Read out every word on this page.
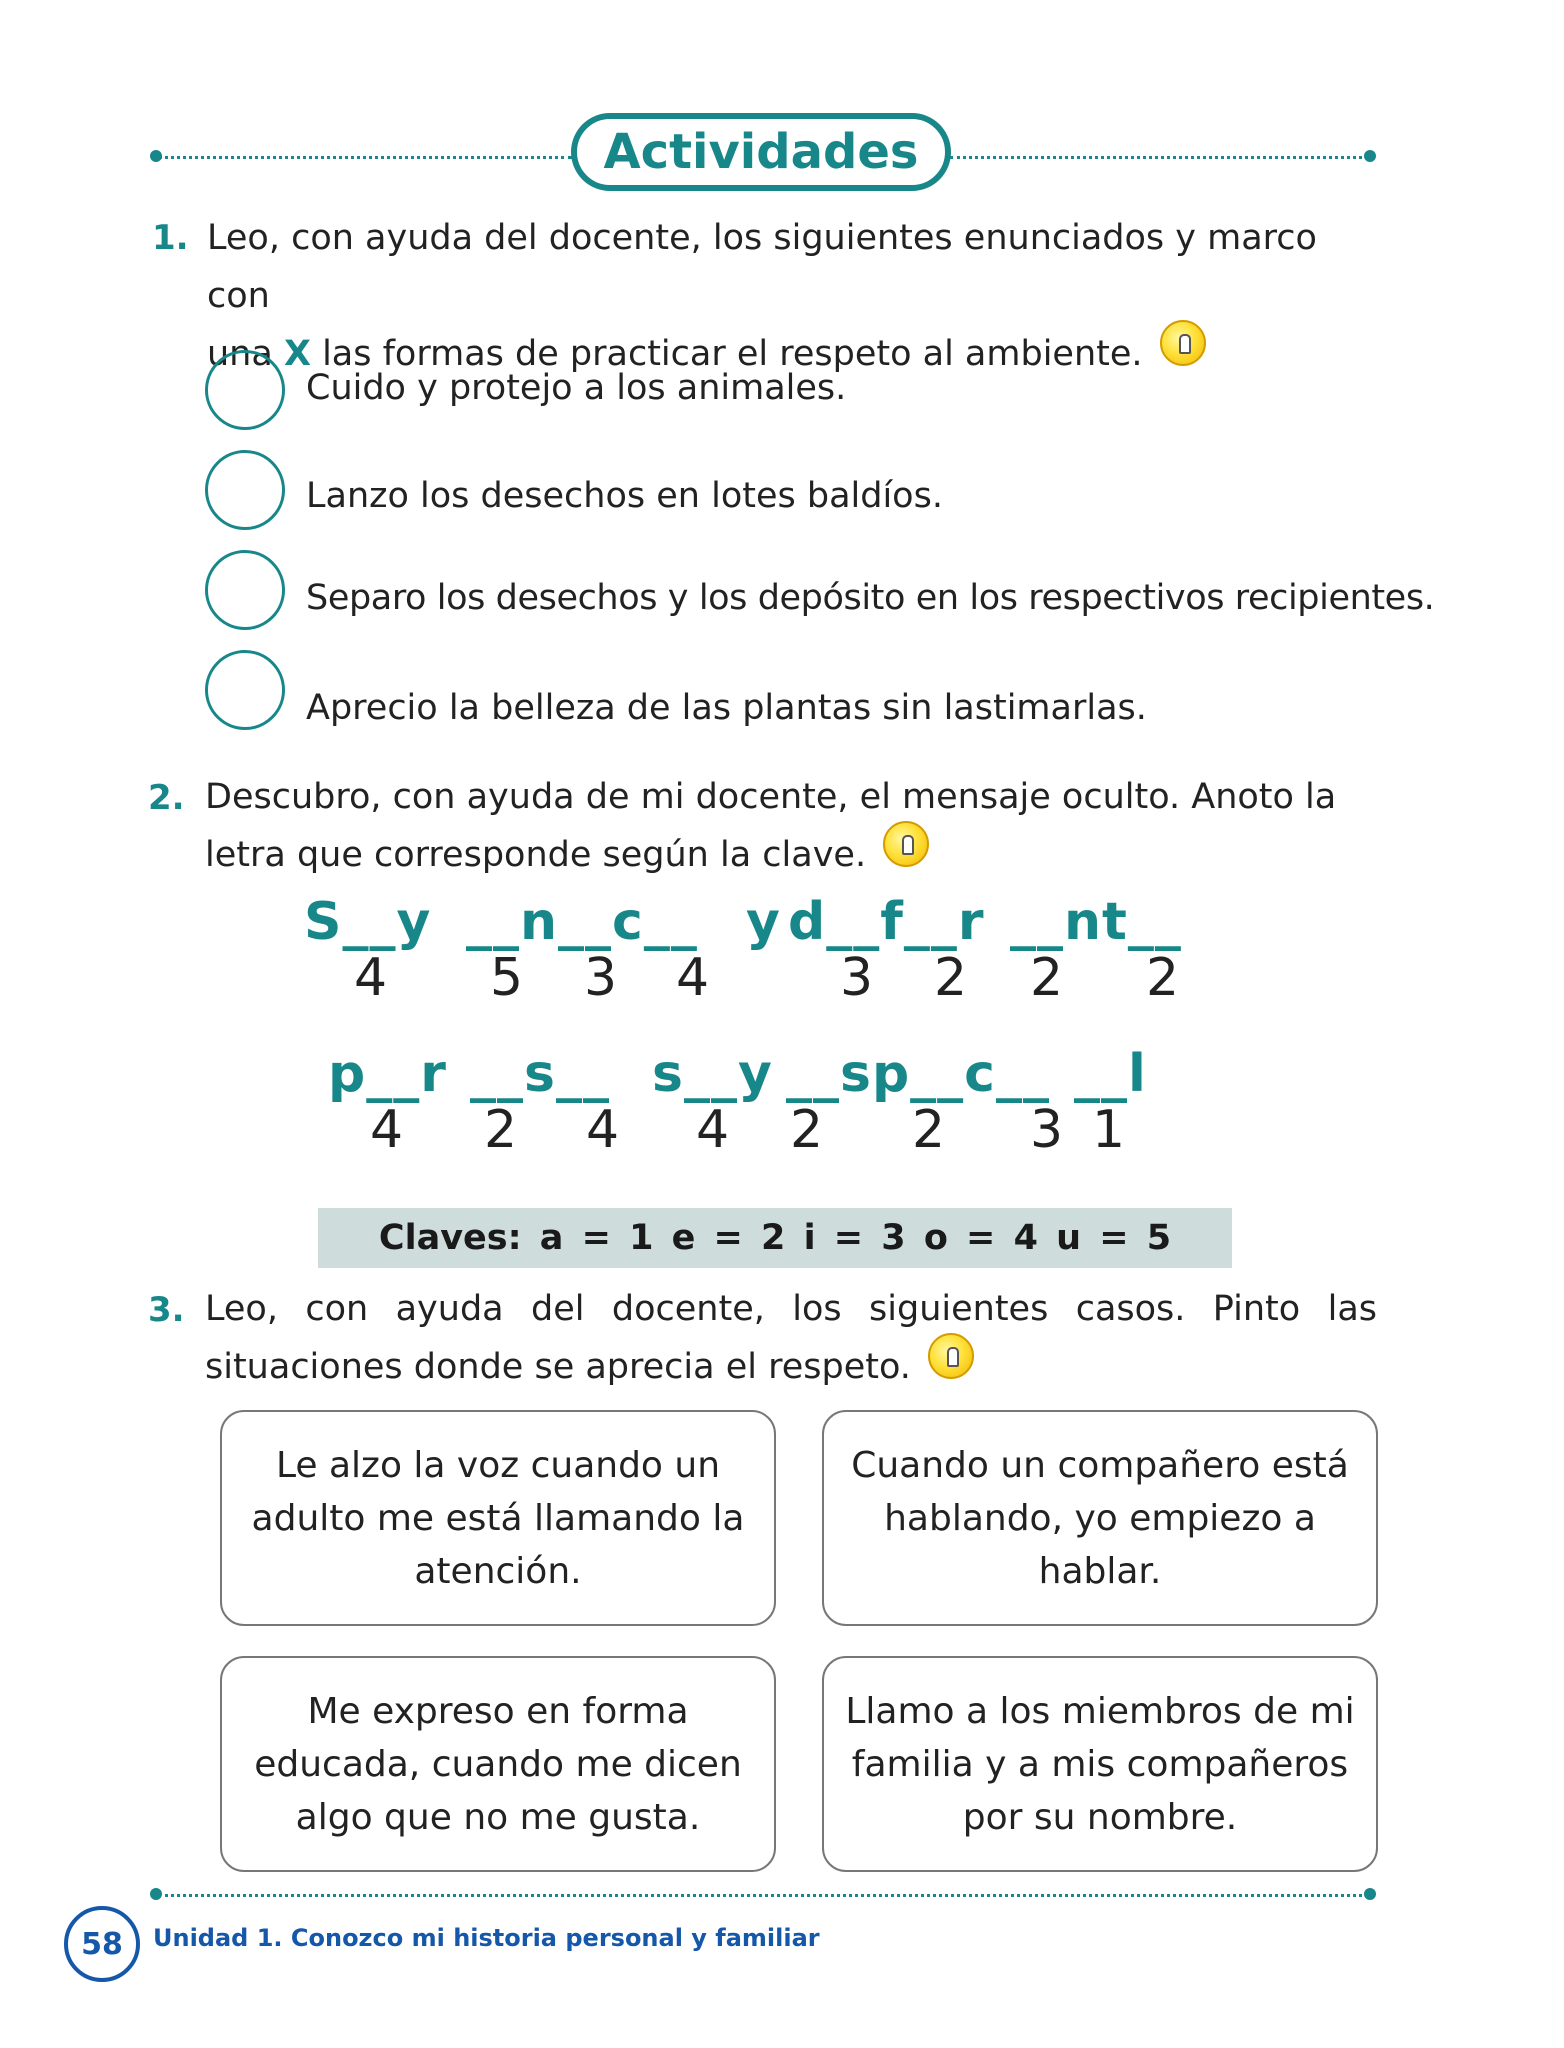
Actividades
1. Leo, con ayuda del docente, los siguientes enunciados y marco con
una X las formas de practicar el respeto al ambiente.
Cuido y protejo a los animales.
Lanzo los desechos en lotes baldíos.
Separo los desechos y los depósito en los respectivos recipientes.
Aprecio la belleza de las plantas sin lastimarlas.
2. Descubro, con ayuda de mi docente, el mensaje oculto. Anoto la
letra que corresponde según la clave.
S__y __n__c__ y d__f__r __nt__
4 5 3 4	3 2 2 2
p__r __s__ s__y __sp__c__ __l
4 2 4 4 2 2 3 1
Claves: a = 1 e = 2 i = 3 o = 4 u = 5
3. Leo, con ayuda del docente, los siguientes casos. Pinto las
situaciones donde se aprecia el respeto.
Le alzo la voz cuando un adulto me está llamando la atención.
Cuando un compañero está hablando, yo empiezo a hablar.
Me expreso en forma educada, cuando me dicen algo que no me gusta.
Llamo a los miembros de mi familia y a mis compañeros por su nombre.
58	Unidad 1. Conozco mi historia personal y familiar
